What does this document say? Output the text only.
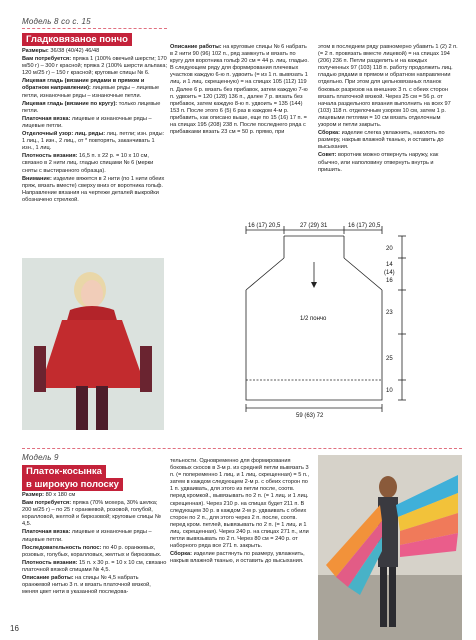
Модель 8 со с. 15
Гладковязаное пончо

Размеры: 36/38 (40/42) 46/48

Вам потребуется: пряжа 1 (100% овечьей шерсти; 170 м/50 г) – 300 г красной; пряжа 2 (100% шерсти альпака; 120 м/25 г) – 150 г красной; круговые спицы № 6.

Лицевая гладь (вязание рядами в прямом и обратном направлении): лицевые ряды – лицевые петли, изнаночные ряды – изнаночные петли.

Лицевая гладь (вязание по кругу): только лицевые петли.

Платочная вязка: лицевые и изнаночные ряды – лицевые петли.

Отделочный узор: лиц. ряды: лиц. петли; изн. ряды: 1 лиц., 1 изн., 2 лиц., от * повторять, заканчивать 1 изн., 1 лиц.

Плотность вязания: 16,5 п. х 22 р. = 10 х 10 см, связано в 2 нити лиц. гладью спицами № 6 (мерки сняты с выстиранного образца).

Внимание: изделие вяжется в 2 нити (по 1 нити обеих пряж, вязать вместе) сверху вниз от воротника гольф. Направление вязания на чертеже деталей выкройки обозначено стрелкой.

Описание работы: на круговые спицы № 6 набрать в 2 нити 90 (96) 102 п., ряд замкнуть и вязать по кругу для воротника гольф 20 см = 44 р. лиц. гладью. В следующем ряду для формирования плечевых участков каждую 6-ю п. удвоить (= из 1 п. вывязать 1 лиц. и 1 лиц. скрещенную) = на спицах 105 (112) 119 п. Далее 6 р. вязать без прибавок, затем каждую 7-ю п. удвоить = 120 (128) 136 п., далее 7 р. вязать без прибавок, затем каждую 8-ю п. удвоить = 135 (144) 153 п. После этого 6 (5) 6 раз в каждом 4-м р. прибавить, как описано выше, еще по 15 (16) 17 п. = на спицах 195 (208) 238 п. После последнего ряда с прибавками вязать 23 см = 50 р. прямо, при

этом в последнем ряду равномерно убавить 1 (2) 2 п. (= 2 п. провязать вместе лицевой) = на спицах 194 (206) 236 п. Петли разделить и на каждых полученных 97 (103) 118 п. работу продолжить лиц. гладью рядами в прямом и обратном направлении отдельно. При этом для цельновязаных планок боковых разрезов на внешних 3 п. с обеих сторон вязать платочной вязкой. Через 25 см = 56 р. от начала раздельного вязания выполнить на всех 97 (103) 118 п. отделочным узором 10 см, затем 1 р. лицевыми петлями = 10 см вязать отделочным узором и петли закрыть.

Сборка: изделие слегка увлажнить, наколоть по размеру, накрыв влажной тканью, и оставить до высыхания.

Совет: воротник можно отвернуть наружу, как обычно, или наполовину отвернуть внутрь и пришить.

16 (17) 20,5	27 (29) 31	16 (17) 20,5
20
14
(14)
16
23
25
10
1/2 пончо
59 (63) 72
Модель 9
Платок-косынка
в широкую полоску

Размер: 80 х 180 см

Вам потребуется: пряжа (70% мохера, 30% шелка; 200 м/25 г) – по 25 г оранжевой, розовой, голубой, коралловой, желтой и бирюзовой; круговые спицы № 4,5.

Платочная вязка: лицевые и изнаночные ряды – лицевые петли.

Последовательность полос: по 40 р. оранжевых, розовых, голубых, коралловых, желтых и бирюзовых.

Плотность вязания: 15 п. х 30 р. = 10 х 10 см, связано платочной вязкой спицами № 4,5.

Описание работы: на спицы № 4,5 набрать оранжевой нитью 3 п. и вязать платочной вязкой, меняя цвет нити в указанной последова-

тельности. Одновременно для формирования боковых скосов в 3-м р. из средней петли вывязать 3 п. (= попеременно 1 лиц. и 1 лиц. скрещенная) = 5 п., затем в каждом следующем 2-м р. с обеих сторон по 1 п. удваивать, для этого из петли после, соотв. перед кромкой., вывязывать по 2 п. (= 1 лиц. и 1 лиц. скрещенная). Через 210 р. на спицах будет 211 п. В следующем 30 р. в каждом 2-м р. удваивать с обеих сторон по 2 п., для этого через 2 п. после, соотв. перед кром. петлей, вывязывать по 2 п. (= 1 лиц. и 1 лиц. скрещенная). Через 240 р. на спицах 271 п., или петли вывязывать по 2 п. Через 80 см = 240 р. от наборного ряда все 271 п. закрыть.

Сборка: изделие растянуть по размеру, увлажнить, накрыв влажной тканью, и оставить до высыхания.

16
